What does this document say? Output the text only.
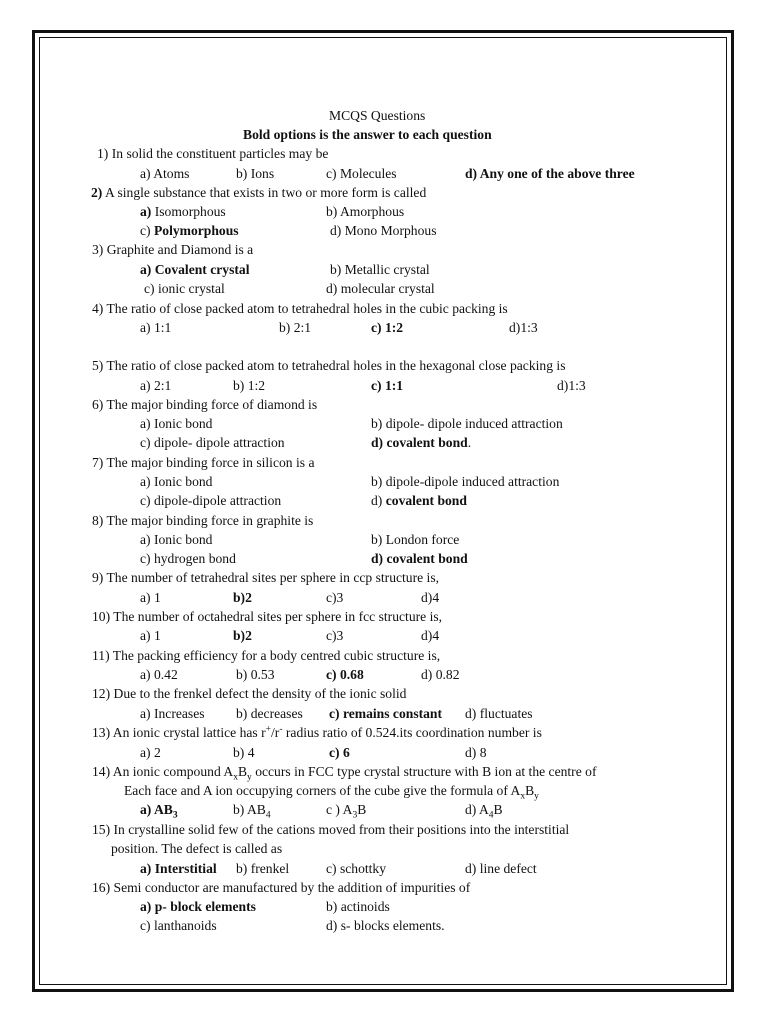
MCQS Questions
Bold options is the answer to each question
1) In solid the constituent particles may be
a) Atoms	b) Ions	c) Molecules	d) Any one of the above three
2) A single substance that exists in two or more form is called
a) Isomorphous	b) Amorphous
c) Polymorphous	d) Mono Morphous
3) Graphite and Diamond is a
a) Covalent crystal	b) Metallic crystal
c) ionic crystal	d) molecular crystal
4) The ratio of close packed atom to tetrahedral holes in the cubic packing is
a) 1:1	b) 2:1	c) 1:2	d)1:3
5) The ratio of close packed atom to tetrahedral holes in the hexagonal close packing is
a) 2:1	b) 1:2	c) 1:1	d)1:3
6) The major binding force of diamond is
a) Ionic bond	b) dipole- dipole induced attraction
c) dipole- dipole attraction	d) covalent bond.
7) The major binding force in silicon is a
a) Ionic bond	b) dipole-dipole induced attraction
c) dipole-dipole attraction	d) covalent bond
8) The major binding force in graphite is
a) Ionic bond	b) London force
c) hydrogen bond	d) covalent bond
9) The number of tetrahedral sites per sphere in ccp structure is,
a) 1	b)2	c)3	d)4
10) The number of octahedral sites per sphere in fcc structure is,
a) 1	b)2	c)3	d)4
11) The packing efficiency for a body centred cubic structure is,
a) 0.42	b) 0.53	c) 0.68	d) 0.82
12) Due to the frenkel defect the density of the ionic solid
a) Increases b) decreases c) remains constant d) fluctuates
13) An ionic crystal lattice has r+/r- radius ratio of 0.524.its coordination number is
a) 2	b) 4	c) 6	d) 8
14) An ionic compound $A_xB_y$ occurs in FCC type crystal structure with B ion at the centre of
Each face and A ion occupying corners of the cube give the formula of $A_xB_y$
a) $AB_3$	b) $AB_4$	c ) $A_3B$	d) $A_4B$
15) In crystalline solid few of the cations moved from their positions into the interstitial
position. The defect is called as
a) Interstitial b) frenkel	c) schottky	d) line defect
16) Semi conductor are manufactured by the addition of impurities of
a) p- block elements	b) actinoids
c) lanthanoids	d) s- blocks elements.
